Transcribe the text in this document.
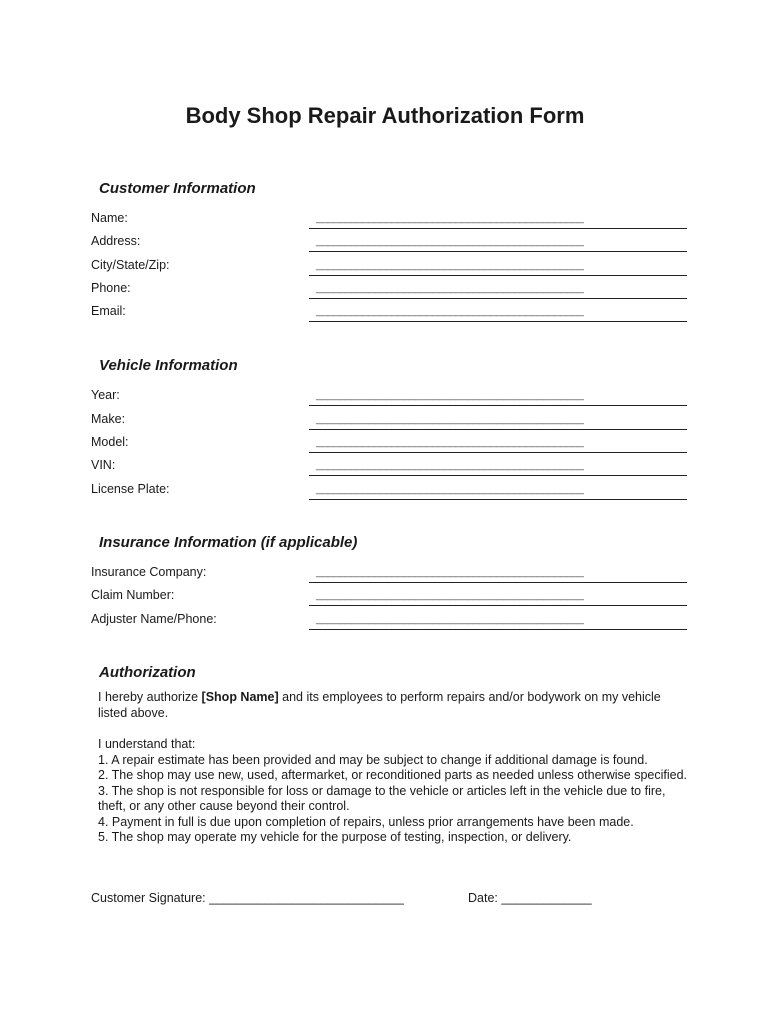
Body Shop Repair Authorization Form
Customer Information
Name:	______________________________________________
Address:	______________________________________________
City/State/Zip:	______________________________________________
Phone:	______________________________________________
Email:	______________________________________________
Vehicle Information
Year:	______________________________________________
Make:	______________________________________________
Model:	______________________________________________
VIN:	______________________________________________
License Plate:	______________________________________________
Insurance Information (if applicable)
Insurance Company:	______________________________________________
Claim Number:	______________________________________________
Adjuster Name/Phone:	______________________________________________
Authorization
I hereby authorize [Shop Name] and its employees to perform repairs and/or bodywork on my vehicle listed above.
I understand that:
1. A repair estimate has been provided and may be subject to change if additional damage is found.
2. The shop may use new, used, aftermarket, or reconditioned parts as needed unless otherwise specified.
3. The shop is not responsible for loss or damage to the vehicle or articles left in the vehicle due to fire, theft, or any other cause beyond their control.
4. Payment in full is due upon completion of repairs, unless prior arrangements have been made.
5. The shop may operate my vehicle for the purpose of testing, inspection, or delivery.
Customer Signature: ____________________________	Date: _____________
